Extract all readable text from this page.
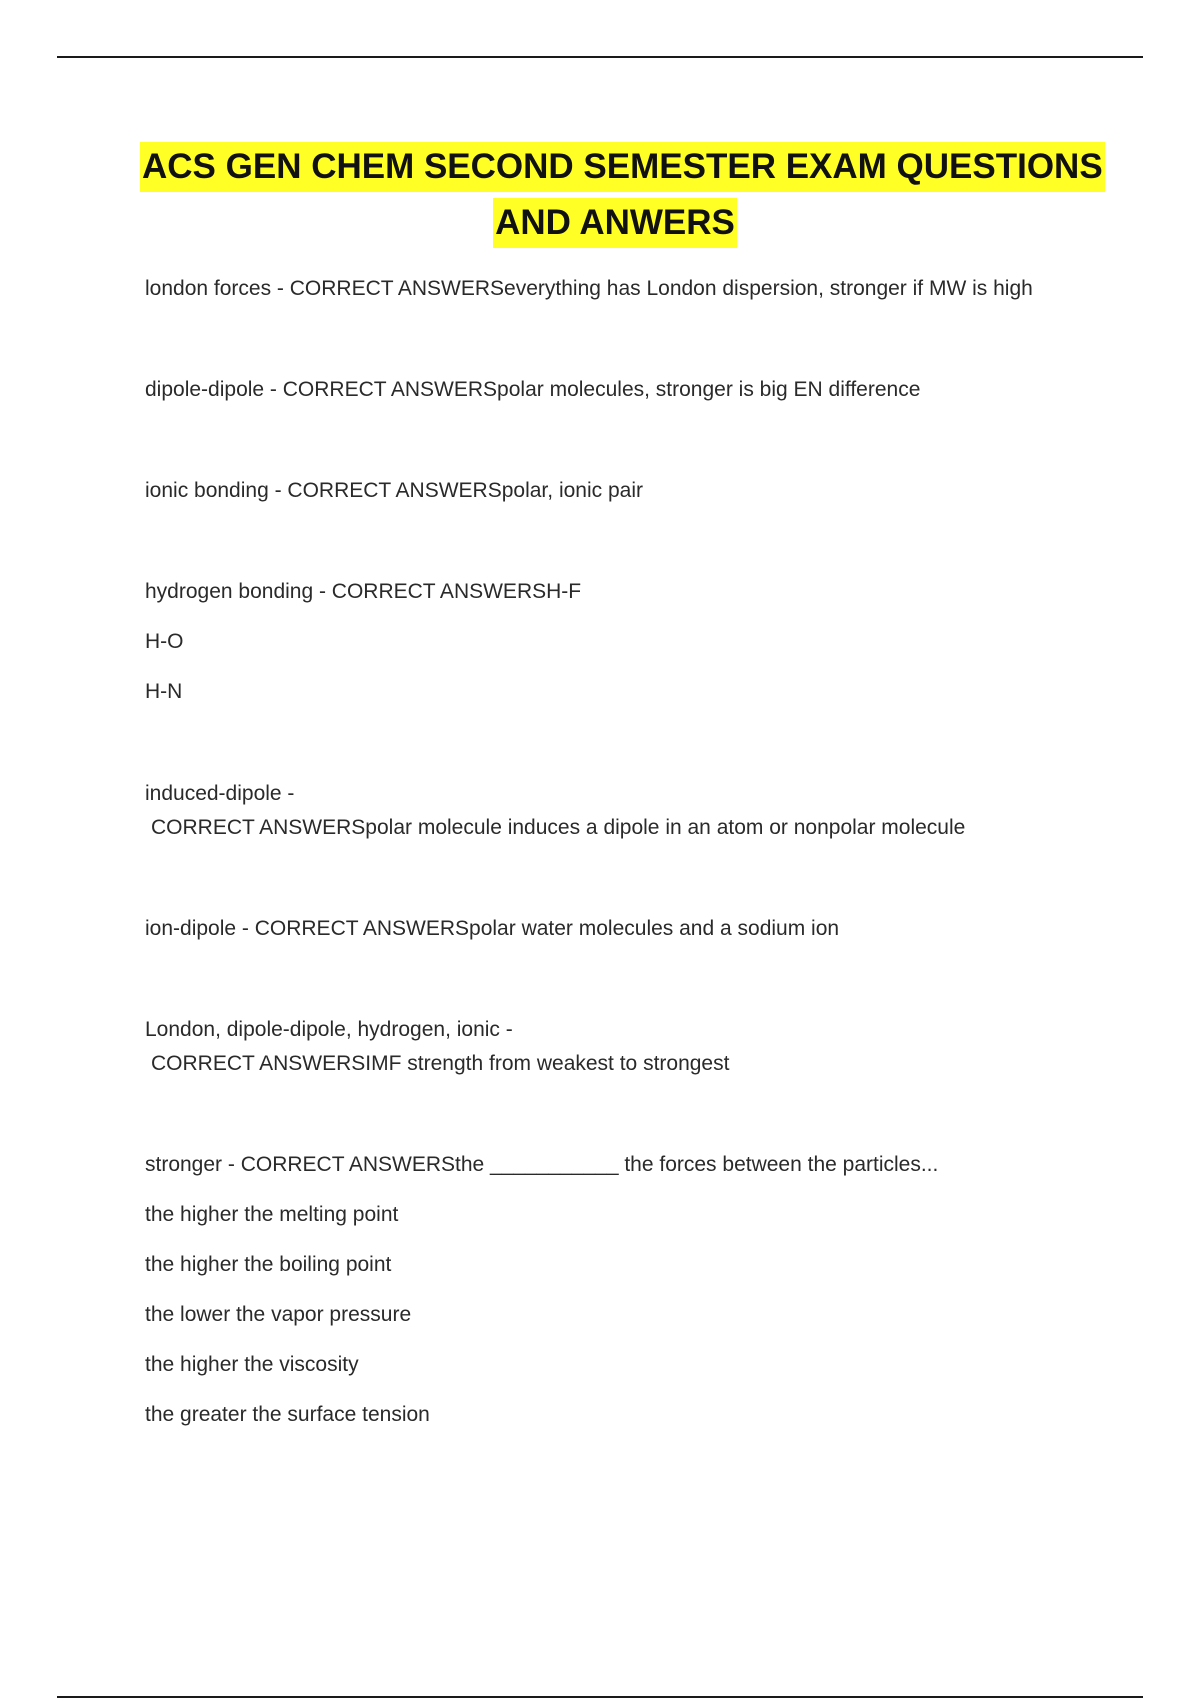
ACS GEN CHEM SECOND SEMESTER EXAM QUESTIONS
AND ANWERS
london forces - CORRECT ANSWERSeverything has London dispersion, stronger if MW is high
dipole-dipole - CORRECT ANSWERSpolar molecules, stronger is big EN difference
ionic bonding - CORRECT ANSWERSpolar, ionic pair
hydrogen bonding - CORRECT ANSWERSH-F
H-O
H-N
induced-dipole -
CORRECT ANSWERSpolar molecule induces a dipole in an atom or nonpolar molecule
ion-dipole - CORRECT ANSWERSpolar water molecules and a sodium ion
London, dipole-dipole, hydrogen, ionic -
CORRECT ANSWERSIMF strength from weakest to strongest
stronger - CORRECT ANSWERSthe ___________ the forces between the particles...
the higher the melting point
the higher the boiling point
the lower the vapor pressure
the higher the viscosity
the greater the surface tension
